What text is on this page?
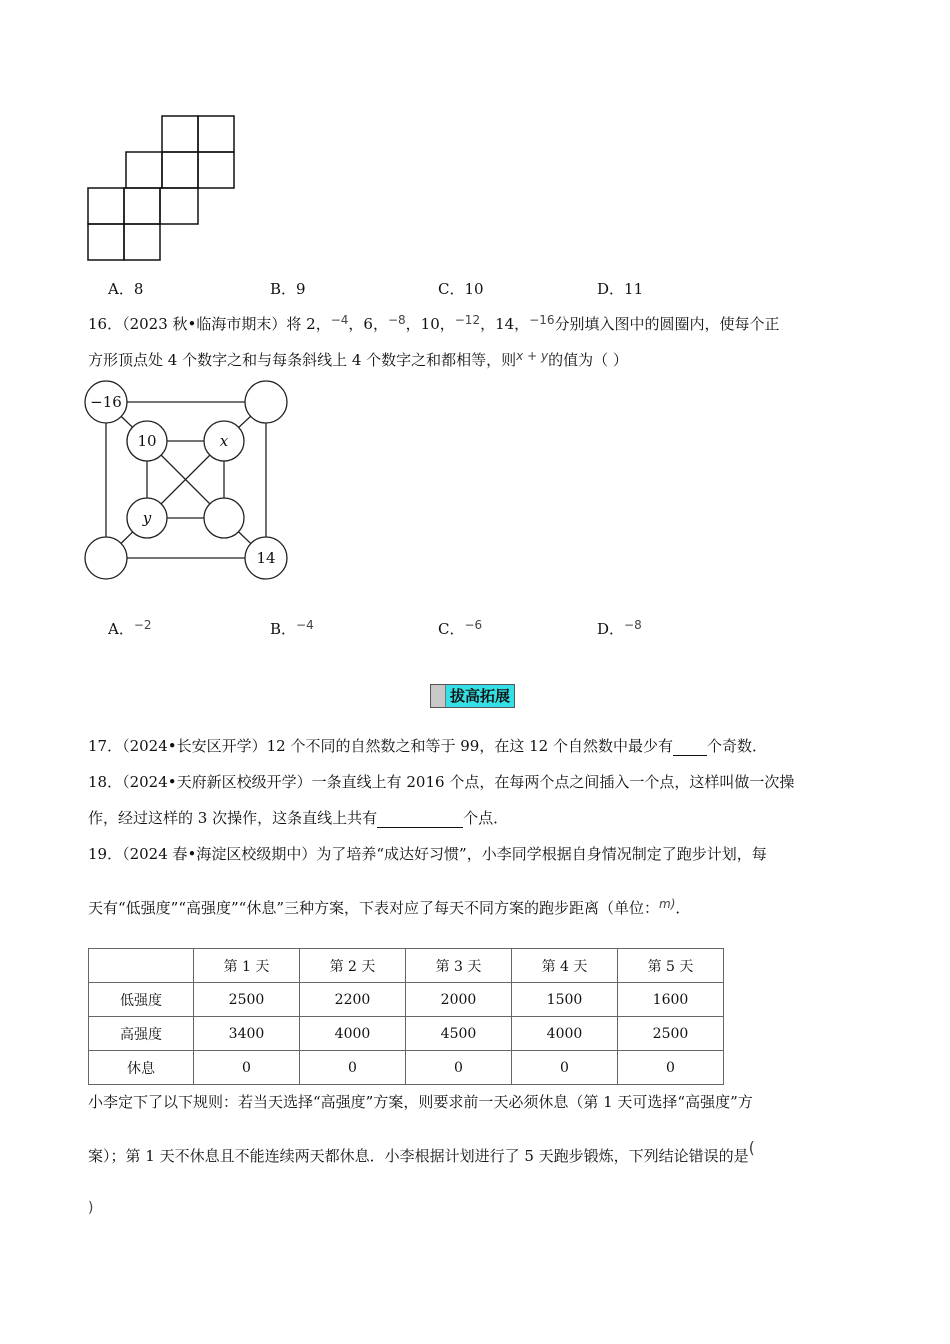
A．8	B．9	C．10	D．11
16．（2023 秋•临海市期末）将 2，$^{-4}$，6，$^{-8}$，10，$^{-12}$，14，$^{-16}$分别填入图中的圆圈内，使每个正
方形顶点处 4 个数字之和与每条斜线上 4 个数字之和都相等，则$^{x + y}$的值为（ ）
−16
10	x
y
14
A．$^{-2}$	B．$^{-4}$	C．$^{-6}$	D．$^{-8}$
拔高拓展
17．（2024•长安区开学）12 个不同的自然数之和等于 99，在这 12 个自然数中最少有 个奇数．
18．（2024•天府新区校级开学）一条直线上有 2016 个点，在每两个点之间插入一个点，这样叫做一次操
作，经过这样的 3 次操作，这条直线上共有	个点．
19．（2024 春•海淀区校级期中）为了培养“成达好习惯”，小李同学根据自身情况制定了跑步计划，每
天有“低强度”“高强度”“休息”三种方案，下表对应了每天不同方案的跑步距离（单位：$^{m)}$．
	第 1 天	第 2 天	第 3 天	第 4 天	第 5 天
低强度	2500	2200	2000	1500	1600
高强度	3400	4000	4500	4000	2500
休息	0	0	0	0	0
小李定下了以下规则：若当天选择“高强度”方案，则要求前一天必须休息（第 1 天可选择“高强度”方
案）；第 1 天不休息且不能连续两天都休息．小李根据计划进行了 5 天跑步锻炼，下列结论错误的是(
)
